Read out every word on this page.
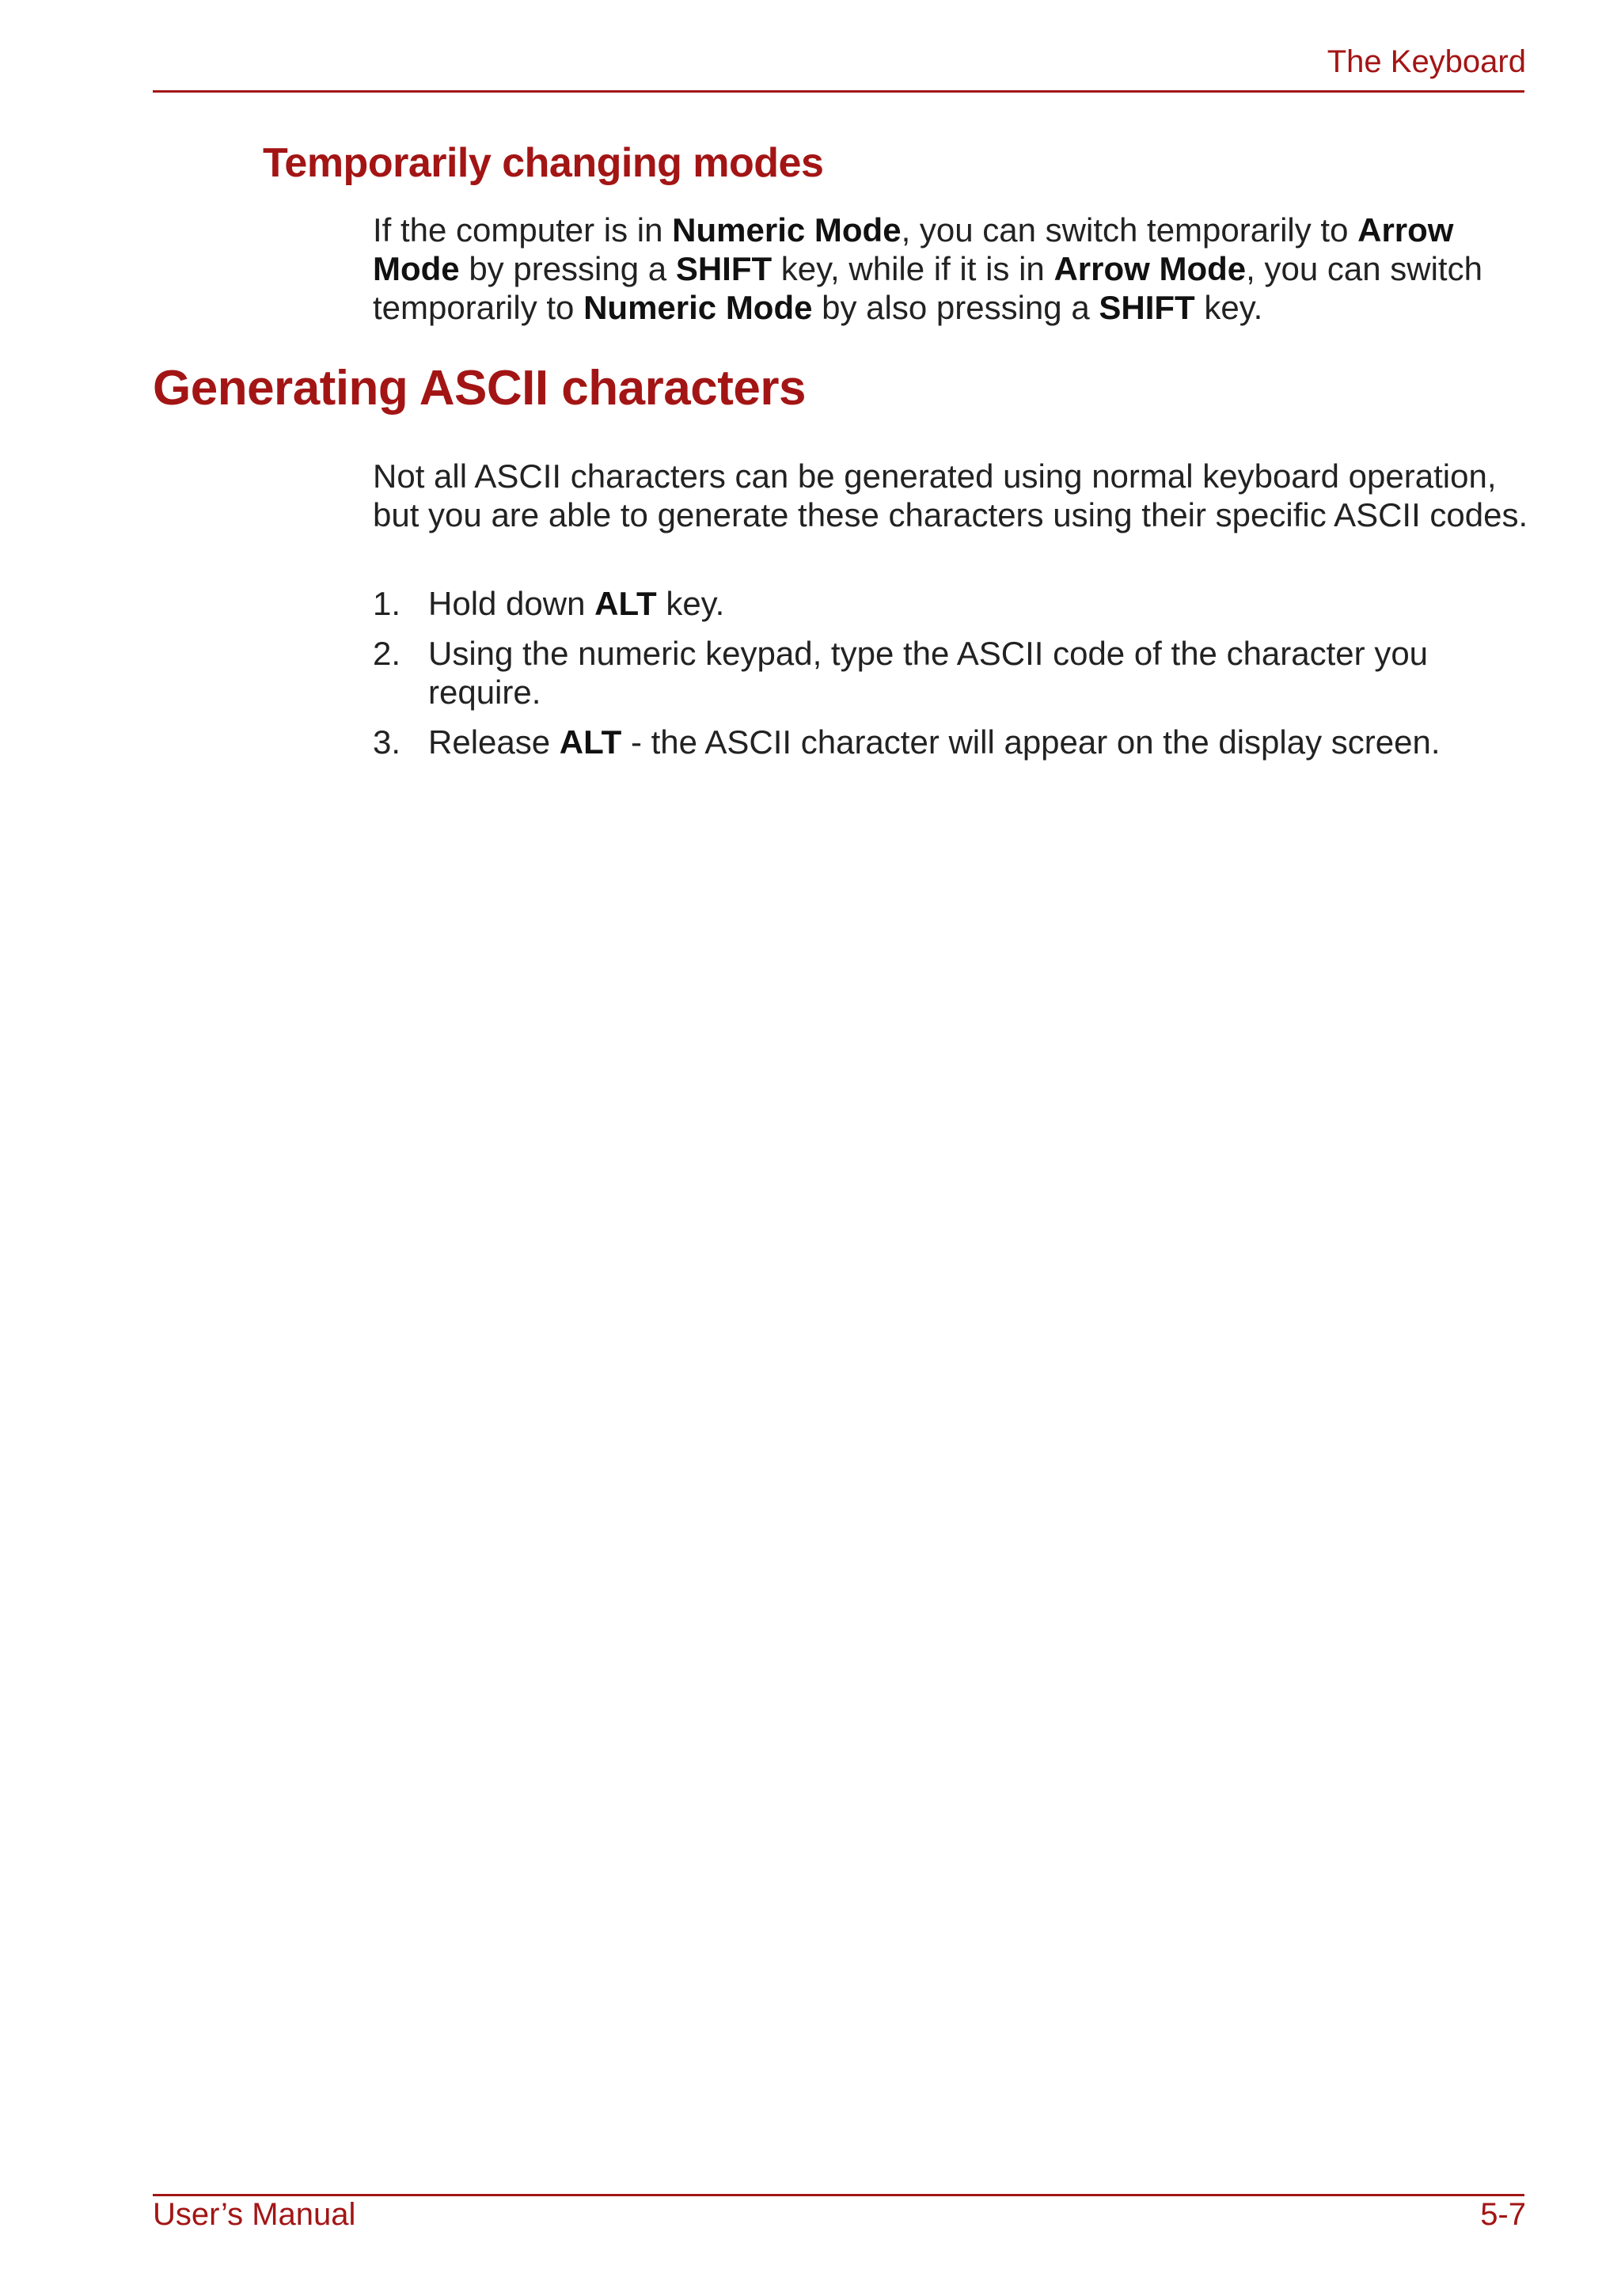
The Keyboard
Temporarily changing modes

If the computer is in Numeric Mode, you can switch temporarily to Arrow Mode by pressing a SHIFT key, while if it is in Arrow Mode, you can switch temporarily to Numeric Mode by also pressing a SHIFT key.

Generating ASCII characters

Not all ASCII characters can be generated using normal keyboard operation, but you are able to generate these characters using their specific ASCII codes.

1. Hold down ALT key.
2. Using the numeric keypad, type the ASCII code of the character you require.
3. Release ALT - the ASCII character will appear on the display screen.
User’s Manual	5-7
